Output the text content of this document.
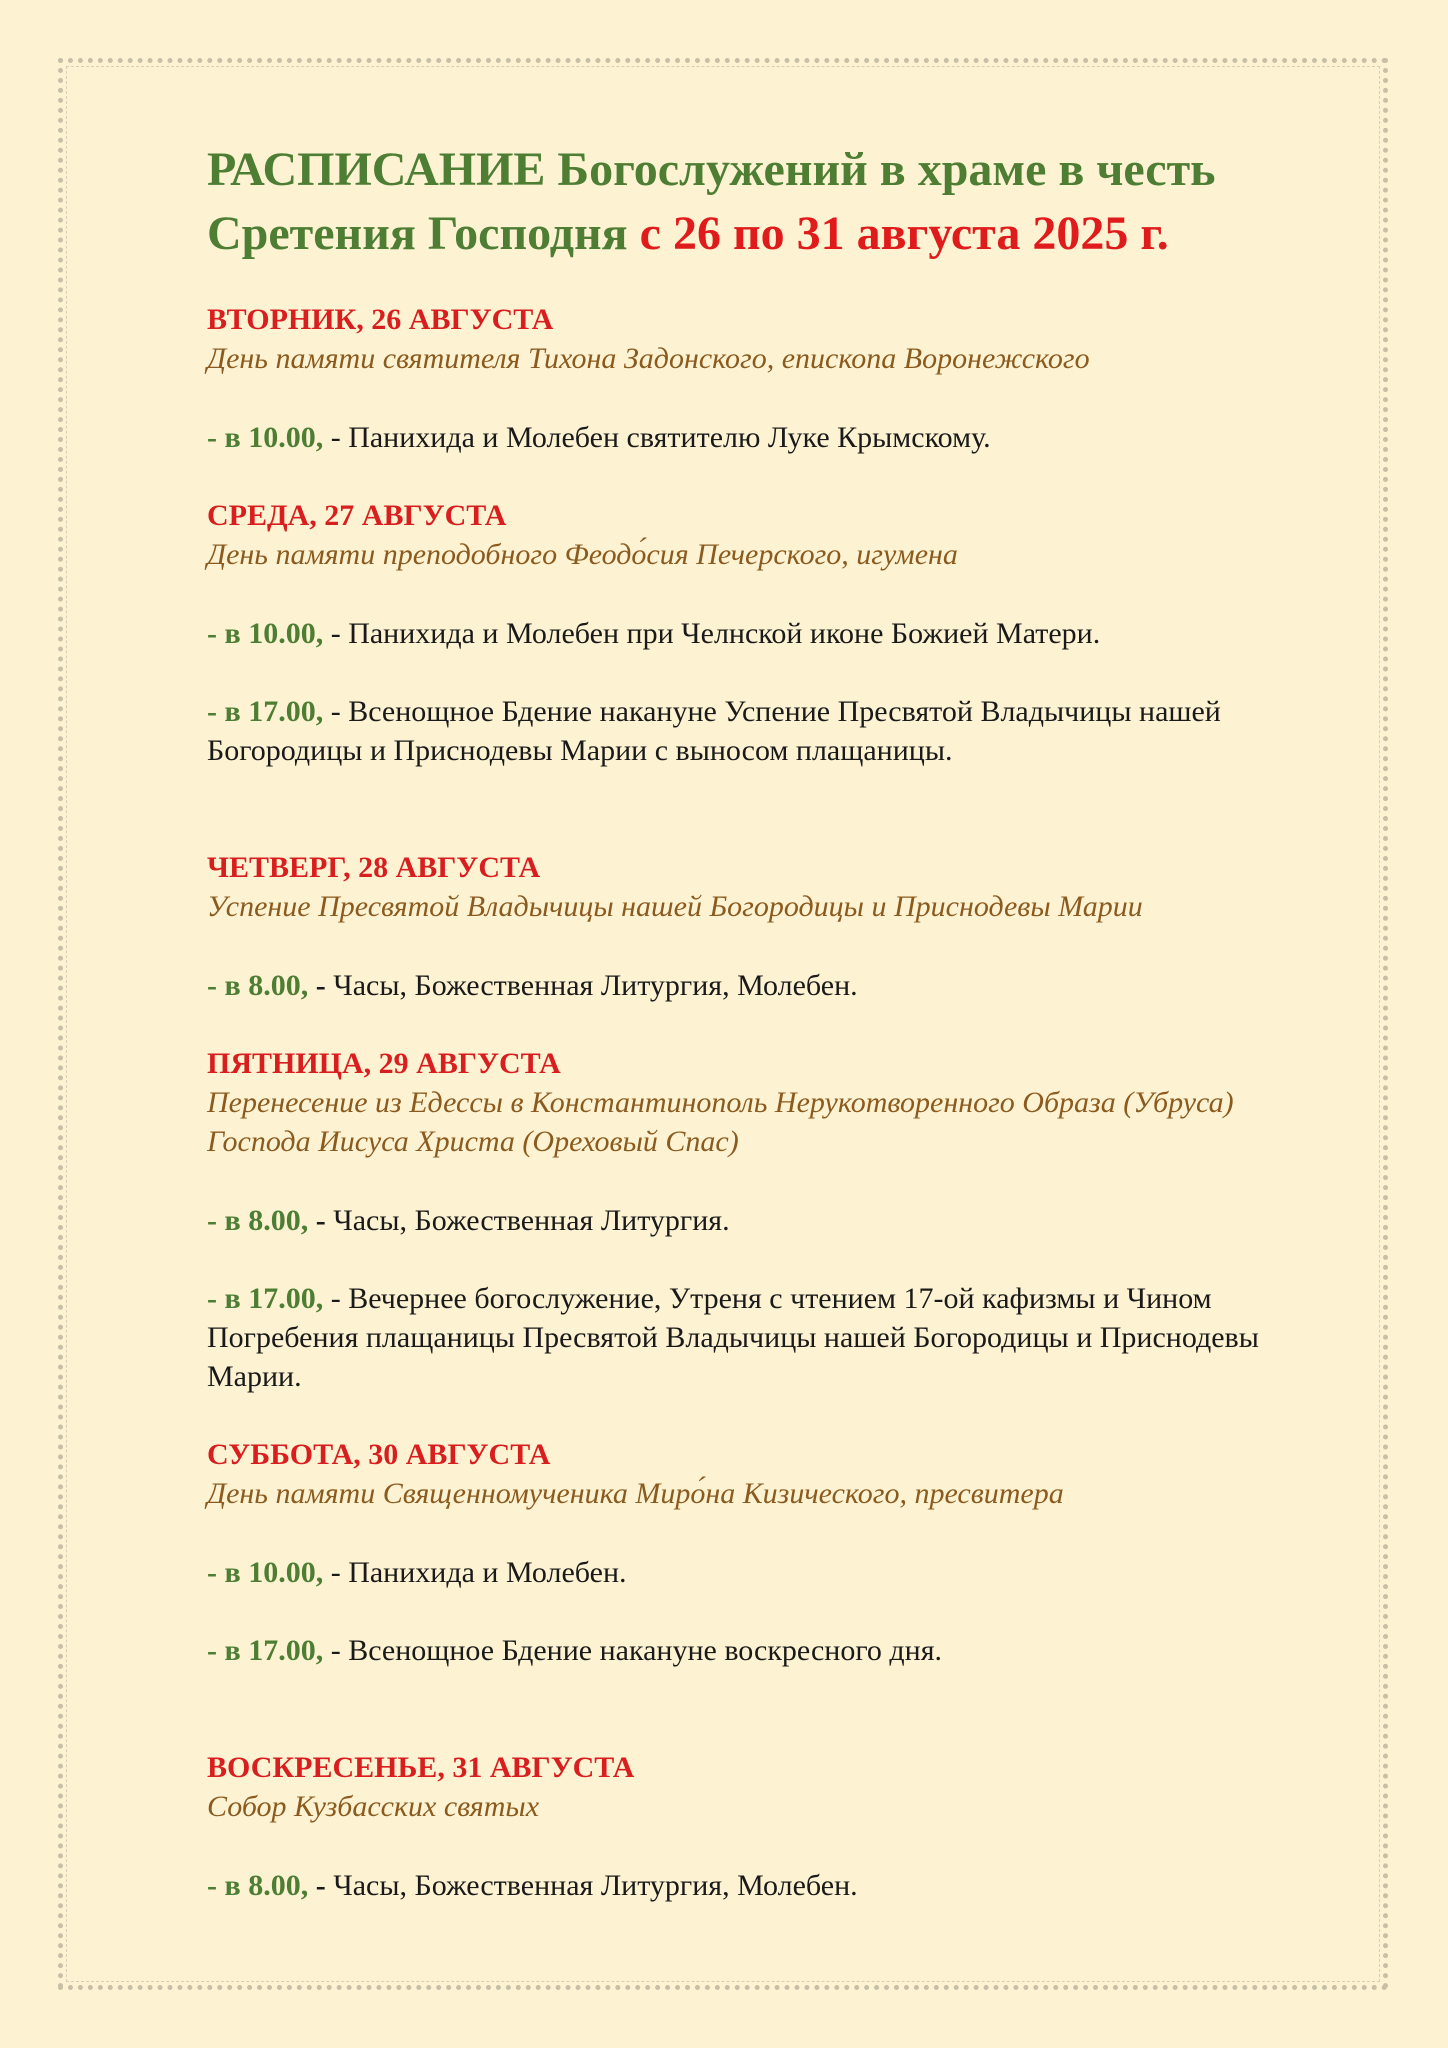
РАСПИСАНИЕ Богослужений в храме в честь Сретения Господня с 26 по 31 августа 2025 г.
ВТОРНИК, 26 АВГУСТА
День памяти святителя Тихона Задонского, епископа Воронежского
- в 10.00, - Панихида и Молебен святителю Луке Крымскому.
СРЕДА, 27 АВГУСТА
День памяти преподобного Феодо́сия Печерского, игумена
- в 10.00, - Панихида и Молебен при Челнской иконе Божией Матери.
- в 17.00, - Всенощное Бдение накануне Успение Пресвятой Владычицы нашей Богородицы и Приснодевы Марии с выносом плащаницы.
ЧЕТВЕРГ, 28 АВГУСТА
Успение Пресвятой Владычицы нашей Богородицы и Приснодевы Марии
- в 8.00, - Часы, Божественная Литургия, Молебен.
ПЯТНИЦА, 29 АВГУСТА
Перенесение из Едессы в Константинополь Нерукотворенного Образа (Убруса) Господа Иисуса Христа (Ореховый Спас)
- в 8.00, - Часы, Божественная Литургия.
- в 17.00, - Вечернее богослужение, Утреня с чтением 17-ой кафизмы и Чином Погребения плащаницы Пресвятой Владычицы нашей Богородицы и Приснодевы Марии.
СУББОТА, 30 АВГУСТА
День памяти Священномученика Миро́на Кизического, пресвитера
- в 10.00, - Панихида и Молебен.
- в 17.00, - Всенощное Бдение накануне воскресного дня.
ВОСКРЕСЕНЬЕ, 31 АВГУСТА
Собор Кузбасских святых
- в 8.00, - Часы, Божественная Литургия, Молебен.
